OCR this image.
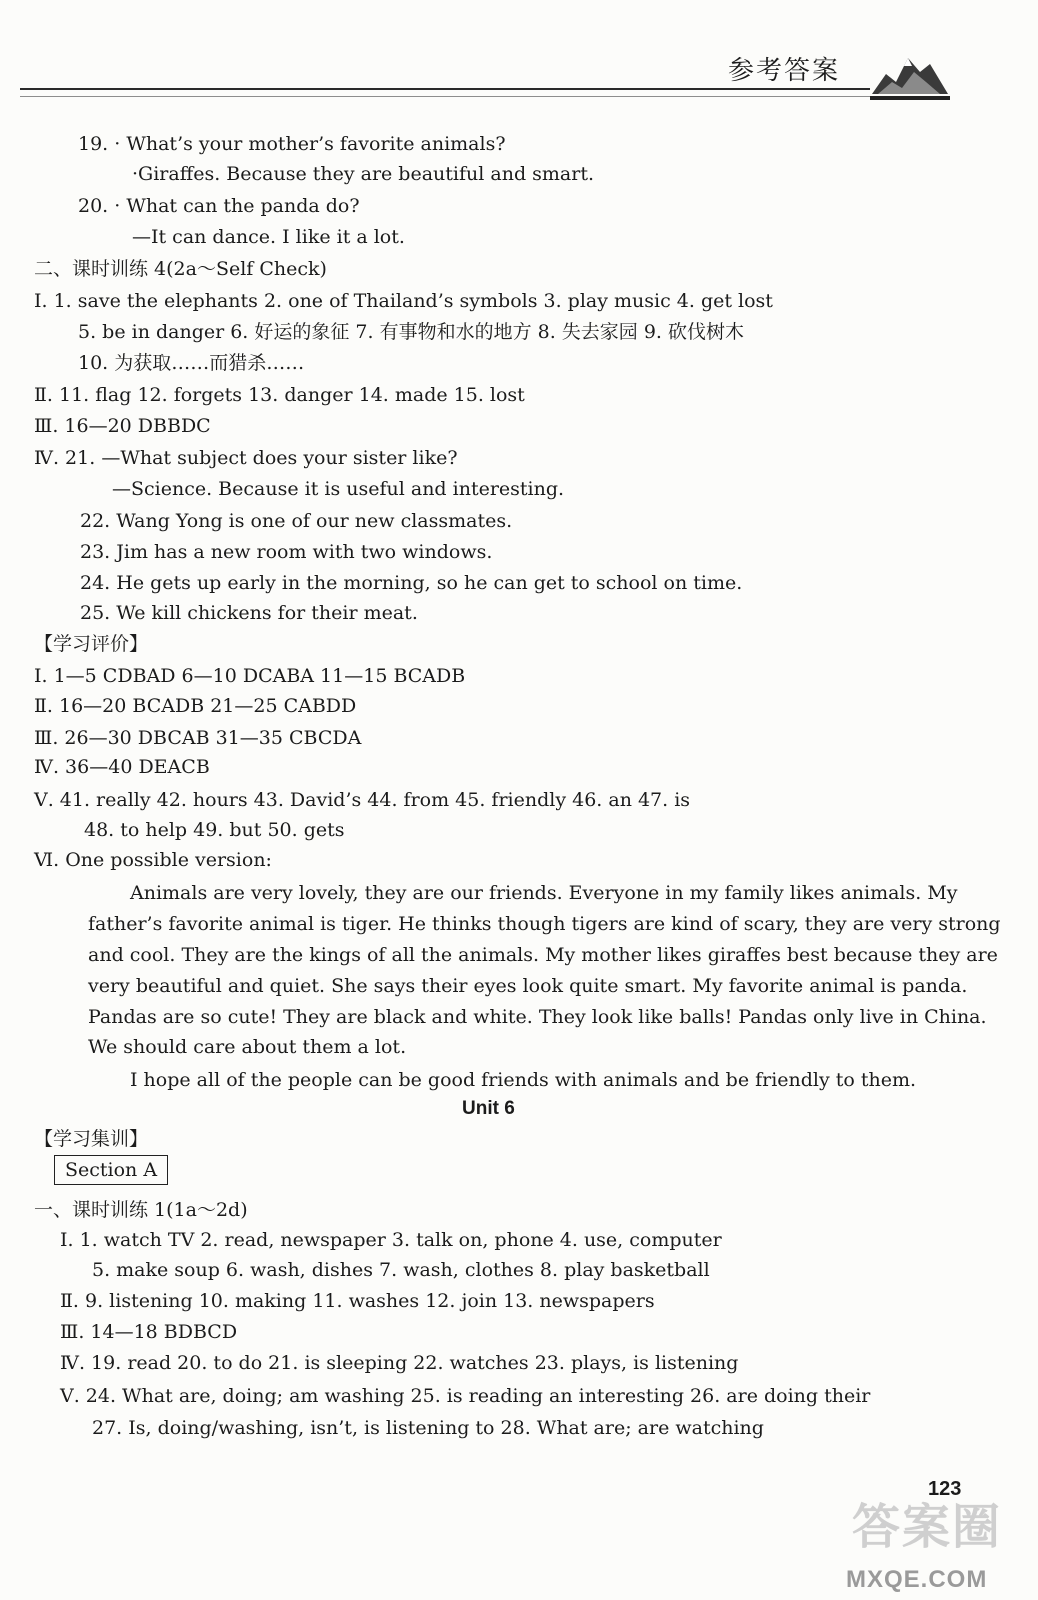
参考答案
19. · What’s your mother’s favorite animals?
·Giraffes. Because they are beautiful and smart.
20. · What can the panda do?
—It can dance. I like it a lot.
二、课时训练 4(2a～Self Check)
Ⅰ. 1. save the elephants 2. one of Thailand’s symbols 3. play music 4. get lost
5. be in danger 6. 好运的象征 7. 有事物和水的地方 8. 失去家园 9. 砍伐树木
10. 为获取……而猎杀……
Ⅱ. 11. flag 12. forgets 13. danger 14. made 15. lost
Ⅲ. 16—20 DBBDC
Ⅳ. 21. —What subject does your sister like?
—Science. Because it is useful and interesting.
22. Wang Yong is one of our new classmates.
23. Jim has a new room with two windows.
24. He gets up early in the morning, so he can get to school on time.
25. We kill chickens for their meat.
【学习评价】
Ⅰ. 1—5 CDBAD 6—10 DCABA 11—15 BCADB
Ⅱ. 16—20 BCADB 21—25 CABDD
Ⅲ. 26—30 DBCAB 31—35 CBCDA
Ⅳ. 36—40 DEACB
Ⅴ. 41. really 42. hours 43. David’s 44. from 45. friendly 46. an 47. is
48. to help 49. but 50. gets
Ⅵ. One possible version:
Animals are very lovely, they are our friends. Everyone in my family likes animals. My
father’s favorite animal is tiger. He thinks though tigers are kind of scary, they are very strong
and cool. They are the kings of all the animals. My mother likes giraffes best because they are
very beautiful and quiet. She says their eyes look quite smart. My favorite animal is panda.
Pandas are so cute! They are black and white. They look like balls! Pandas only live in China.
We should care about them a lot.
I hope all of the people can be good friends with animals and be friendly to them.
【学习集训】
一、课时训练 1(1a～2d)
Ⅰ. 1. watch TV 2. read, newspaper 3. talk on, phone 4. use, computer
5. make soup 6. wash, dishes 7. wash, clothes 8. play basketball
Ⅱ. 9. listening 10. making 11. washes 12. join 13. newspapers
Ⅲ. 14—18 BDBCD
Ⅳ. 19. read 20. to do 21. is sleeping 22. watches 23. plays, is listening
Ⅴ. 24. What are, doing; am washing 25. is reading an interesting 26. are doing their
27. Is, doing/washing, isn’t, is listening to 28. What are; are watching
Unit 6
Section A
答案圈
123
MXQE.COM
